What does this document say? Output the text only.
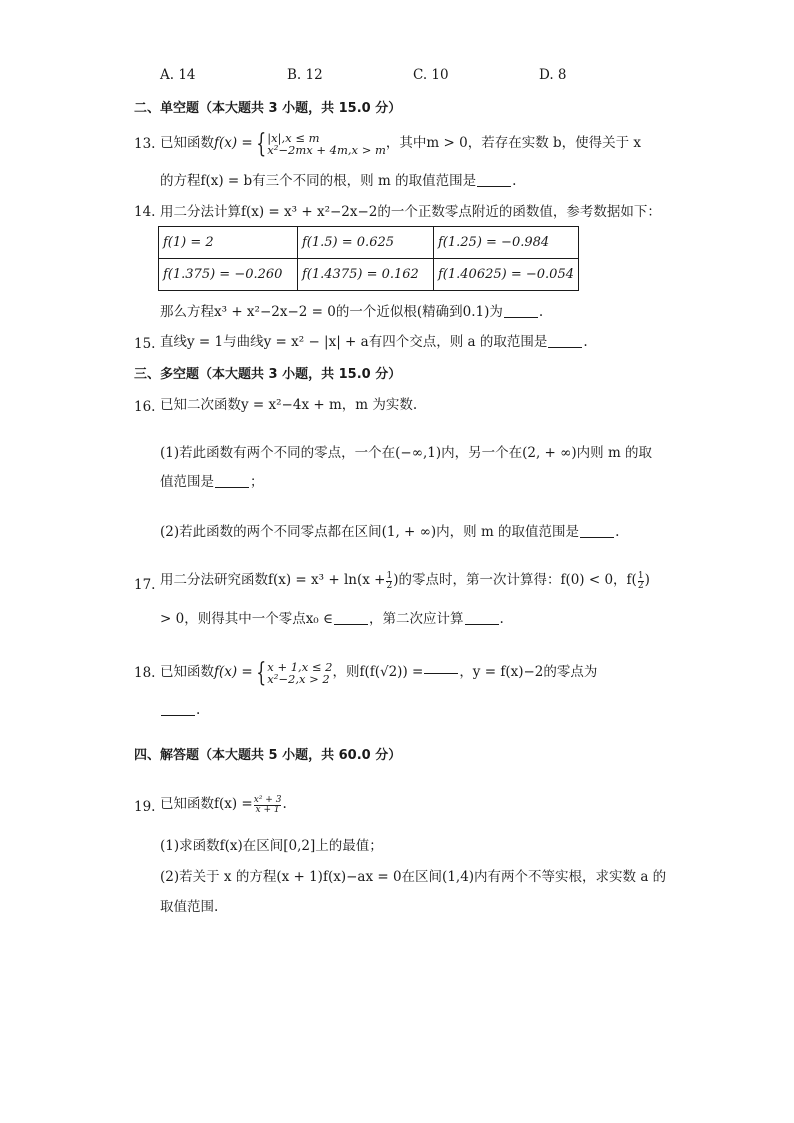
A. 14	B. 12	C. 10	D. 8
二、单空题（本大题共 3 小题，共 15.0 分）
13. 已知函数 f(x) = { |x|,x ≤ m
x²−2mx + 4m,x > m ，其中m > 0，若存在实数 b，使得关于 x
的方程f(x) = b有三个不同的根，则 m 的取值范围是	.
14. 用二分法计算f(x) = x³ + x²−2x−2的一个正数零点附近的函数值，参考数据如下：
f(1) = 2	f(1.5) = 0.625	f(1.25) = −0.984
f(1.375) = −0.260	f(1.4375) = 0.162	f(1.40625) = −0.054
那么方程x³ + x²−2x−2 = 0的一个近似根(精确到0.1)为	.
15. 直线y = 1与曲线y = x² − |x| + a有四个交点，则 a 的取范围是	.
三、多空题（本大题共 3 小题，共 15.0 分）
16. 已知二次函数y = x²−4x + m，m 为实数.
(1)若此函数有两个不同的零点，一个在(−∞,1)内，另一个在(2, + ∞)内则 m 的取
值范围是	；
(2)若此函数的两个不同零点都在区间(1, + ∞)内，则 m 的取值范围是	.
17. 用二分法研究函数$f(x) = x^3 + \ln(x + \frac{1}{2}$ )的零点时，第一次计算得：f(0) < 0，$f( \frac{1}{2}$ )
> 0，则得其中一个零点x₀ ∈	，第二次应计算	.
18. 已知函数 f(x) = { x + 1,x ≤ 2
x²−2,x > 2 ，则f(f(√2)) =	，y = f(x)−2的零点为
.
四、解答题（本大题共 5 小题，共 60.0 分）
19. 已知函数$f(x) = \frac{\text{x² + 3}}{x + 1}$ .
(1)求函数f(x)在区间[0,2]上的最值；
(2)若关于 x 的方程(x + 1)f(x)−ax = 0在区间(1,4)内有两个不等实根，求实数 a 的
取值范围.
